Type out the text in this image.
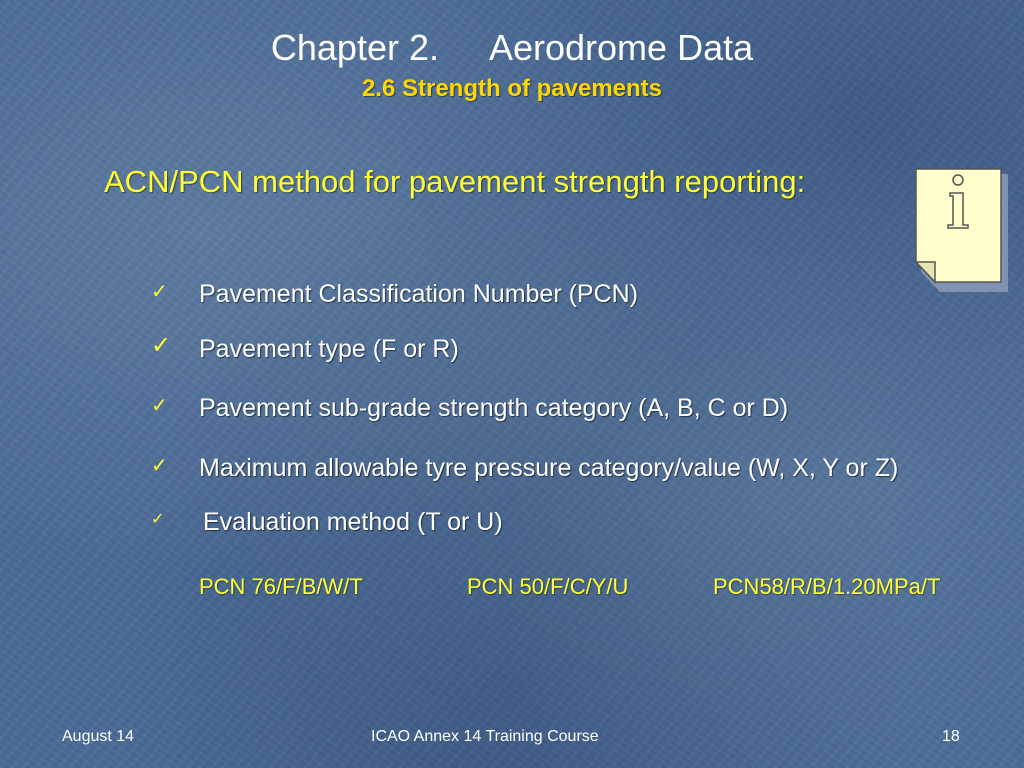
Chapter 2.     Aerodrome Data
2.6 Strength of pavements
ACN/PCN method for pavement strength reporting:
✓ Pavement Classification Number (PCN)
✓ Pavement type (F or R)
✓ Pavement sub-grade strength category (A, B, C or D)
✓ Maximum allowable tyre pressure category/value (W, X, Y or Z)
✓ Evaluation method (T or U)
PCN 76/F/B/W/T	PCN 50/F/C/Y/U	PCN58/R/B/1.20MPa/T
August 14	ICAO Annex 14 Training Course	18
